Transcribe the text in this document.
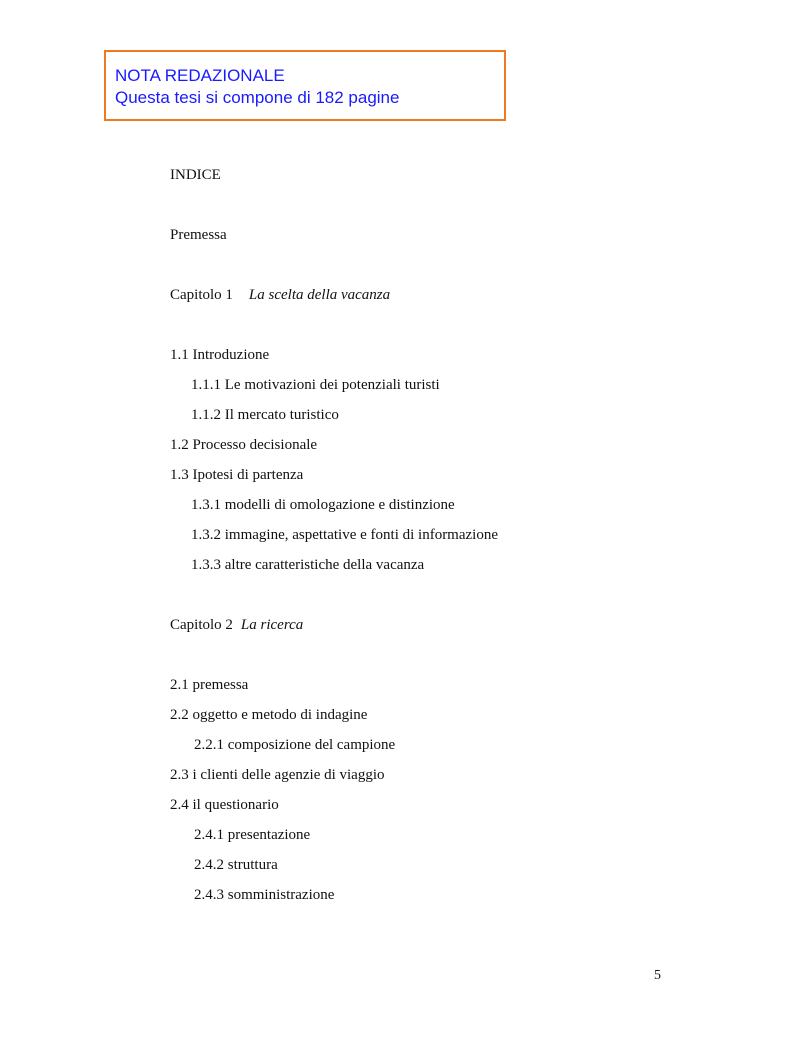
NOTA REDAZIONALE
Questa tesi si compone di 182 pagine
INDICE
Premessa
Capitolo 1 La scelta della vacanza
1.1 Introduzione
1.1.1 Le motivazioni dei potenziali turisti
1.1.2 Il mercato turistico
1.2 Processo decisionale
1.3 Ipotesi di partenza
1.3.1 modelli di omologazione e distinzione
1.3.2 immagine, aspettative e fonti di informazione
1.3.3 altre caratteristiche della vacanza
Capitolo 2 La ricerca
2.1 premessa
2.2 oggetto e metodo di indagine
2.2.1 composizione del campione
2.3 i clienti delle agenzie di viaggio
2.4 il questionario
2.4.1 presentazione
2.4.2 struttura
2.4.3 somministrazione
5
